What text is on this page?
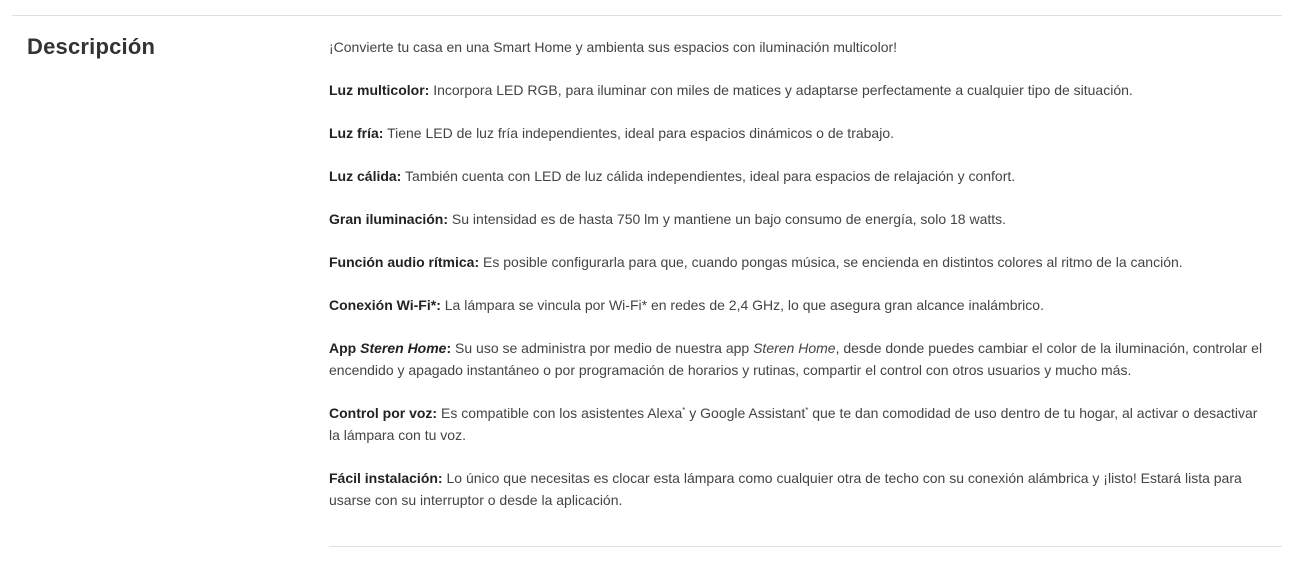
Descripción	¡Convierte tu casa en una Smart Home y ambienta sus espacios con iluminación multicolor!

Luz multicolor: Incorpora LED RGB, para iluminar con miles de matices y adaptarse perfectamente a cualquier tipo de situación.

Luz fría: Tiene LED de luz fría independientes, ideal para espacios dinámicos o de trabajo.

Luz cálida: También cuenta con LED de luz cálida independientes, ideal para espacios de relajación y confort.

Gran iluminación: Su intensidad es de hasta 750 lm y mantiene un bajo consumo de energía, solo 18 watts.

Función audio rítmica: Es posible configurarla para que, cuando pongas música, se encienda en distintos colores al ritmo de la canción.

Conexión Wi-Fi*: La lámpara se vincula por Wi-Fi* en redes de 2,4 GHz, lo que asegura gran alcance inalámbrico.

App Steren Home: Su uso se administra por medio de nuestra app Steren Home, desde donde puedes cambiar el color de la iluminación, controlar el encendido y apagado instantáneo o por programación de horarios y rutinas, compartir el control con otros usuarios y mucho más.

Control por voz: Es compatible con los asistentes Alexa* y Google Assistant* que te dan comodidad de uso dentro de tu hogar, al activar o desactivar la lámpara con tu voz.

Fácil instalación: Lo único que necesitas es clocar esta lámpara como cualquier otra de techo con su conexión alámbrica y ¡listo! Estará lista para usarse con su interruptor o desde la aplicación.
